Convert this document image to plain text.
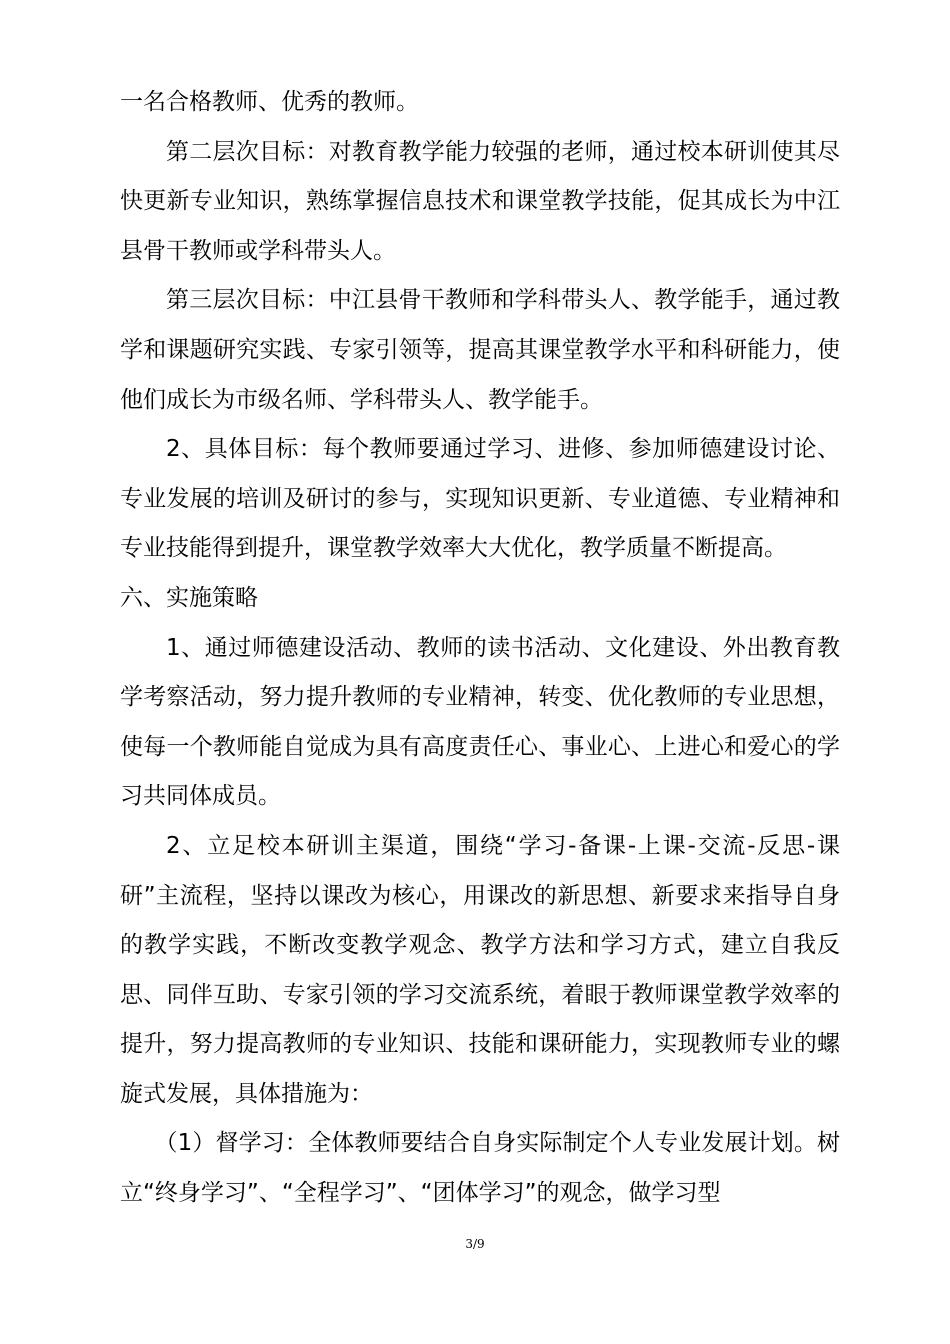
一名合格教师、优秀的教师。

第二层次目标：对教育教学能力较强的老师，通过校本研训使其尽快更新专业知识，熟练掌握信息技术和课堂教学技能，促其成长为中江县骨干教师或学科带头人。

第三层次目标：中江县骨干教师和学科带头人、教学能手，通过教学和课题研究实践、专家引领等，提高其课堂教学水平和科研能力，使他们成长为市级名师、学科带头人、教学能手。

2、具体目标：每个教师要通过学习、进修、参加师德建设讨论、专业发展的培训及研讨的参与，实现知识更新、专业道德、专业精神和专业技能得到提升，课堂教学效率大大优化，教学质量不断提高。

六、实施策略

1、通过师德建设活动、教师的读书活动、文化建设、外出教育教学考察活动，努力提升教师的专业精神，转变、优化教师的专业思想，使每一个教师能自觉成为具有高度责任心、事业心、上进心和爱心的学习共同体成员。

2、立足校本研训主渠道，围绕“学习-备课-上课-交流-反思-课研”主流程，坚持以课改为核心，用课改的新思想、新要求来指导自身的教学实践，不断改变教学观念、教学方法和学习方式，建立自我反思、同伴互助、专家引领的学习交流系统，着眼于教师课堂教学效率的提升，努力提高教师的专业知识、技能和课研能力，实现教师专业的螺旋式发展，具体措施为：

（1）督学习：全体教师要结合自身实际制定个人专业发展计划。树立“终身学习”、“全程学习”、“团体学习”的观念，做学习型

3/9
